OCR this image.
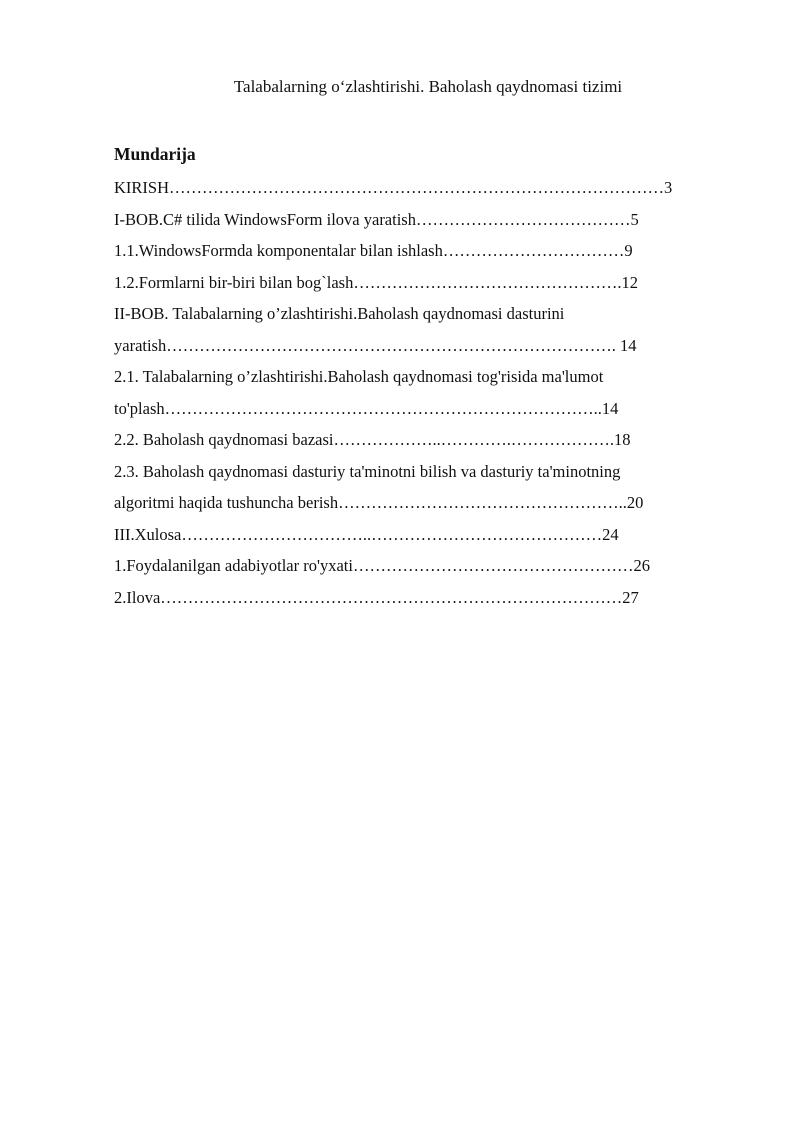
Talabalarning o‘zlashtirishi. Baholash qaydnomasi tizimi
Mundarija
KIRISH………………………………………………………………………………3
I-BOB.C# tilida WindowsForm ilova yaratish…………………………………5
1.1.WindowsFormda komponentalar bilan ishlash……………………………9
1.2.Formlarni bir-biri bilan bog`lash………………………………………….12
II-BOB. Talabalarning o’zlashtirishi.Baholash qaydnomasi dasturini
yaratish………………………………………………………………………. 14
2.1. Talabalarning o’zlashtirishi.Baholash qaydnomasi tog'risida ma'lumot
to'plash……………………………………………………………………..14
2.2. Baholash qaydnomasi bazasi………………..………….……………….18
2.3. Baholash qaydnomasi dasturiy ta'minotni bilish va dasturiy ta'minotning
algoritmi haqida tushuncha berish……………………………………………..20
III.Xulosa……………………………..……………………………………24
1.Foydalanilgan adabiyotlar ro'yxati……………………………………………26
2.Ilova…………………………………………………………………………27
